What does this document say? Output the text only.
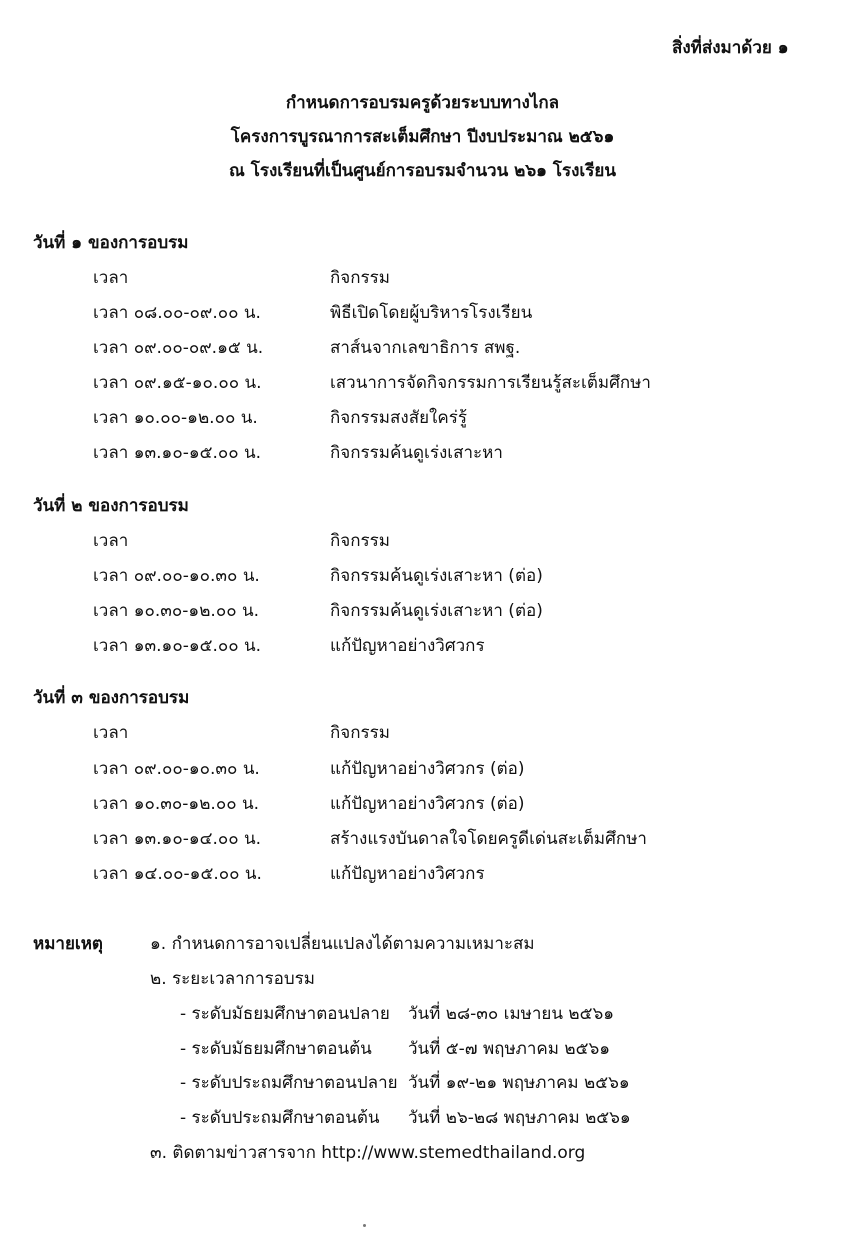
สิ่งที่ส่งมาด้วย ๑
กำหนดการอบรมครูด้วยระบบทางไกล
โครงการบูรณาการสะเต็มศึกษา ปีงบประมาณ ๒๕๖๑
ณ โรงเรียนที่เป็นศูนย์การอบรมจำนวน ๒๖๑ โรงเรียน
วันที่ ๑ ของการอบรม
เวลา	กิจกรรม
เวลา ๐๘.๐๐-๐๙.๐๐ น.	พิธีเปิดโดยผู้บริหารโรงเรียน
เวลา ๐๙.๐๐-๐๙.๑๕ น.	สาส์นจากเลขาธิการ สพฐ.
เวลา ๐๙.๑๕-๑๐.๐๐ น.	เสวนาการจัดกิจกรรมการเรียนรู้สะเต็มศึกษา
เวลา ๑๐.๐๐-๑๒.๐๐ น.	กิจกรรมสงสัยใคร่รู้
เวลา ๑๓.๑๐-๑๕.๐๐ น.	กิจกรรมค้นดูเร่งเสาะหา
วันที่ ๒ ของการอบรม
เวลา	กิจกรรม
เวลา ๐๙.๐๐-๑๐.๓๐ น.	กิจกรรมค้นดูเร่งเสาะหา (ต่อ)
เวลา ๑๐.๓๐-๑๒.๐๐ น.	กิจกรรมค้นดูเร่งเสาะหา (ต่อ)
เวลา ๑๓.๑๐-๑๕.๐๐ น.	แก้ปัญหาอย่างวิศวกร
วันที่ ๓ ของการอบรม
เวลา	กิจกรรม
เวลา ๐๙.๐๐-๑๐.๓๐ น.	แก้ปัญหาอย่างวิศวกร (ต่อ)
เวลา ๑๐.๓๐-๑๒.๐๐ น.	แก้ปัญหาอย่างวิศวกร (ต่อ)
เวลา ๑๓.๑๐-๑๔.๐๐ น.	สร้างแรงบันดาลใจโดยครูดีเด่นสะเต็มศึกษา
เวลา ๑๔.๐๐-๑๕.๐๐ น.	แก้ปัญหาอย่างวิศวกร
หมายเหตุ	๑. กำหนดการอาจเปลี่ยนแปลงได้ตามความเหมาะสม
๒. ระยะเวลาการอบรม
- ระดับมัธยมศึกษาตอนปลาย วันที่ ๒๘-๓๐ เมษายน ๒๕๖๑
- ระดับมัธยมศึกษาตอนต้น วันที่ ๕-๗ พฤษภาคม ๒๕๖๑
- ระดับประถมศึกษาตอนปลาย วันที่ ๑๙-๒๑ พฤษภาคม ๒๕๖๑
- ระดับประถมศึกษาตอนต้น วันที่ ๒๖-๒๘ พฤษภาคม ๒๕๖๑
๓. ติดตามข่าวสารจาก http://www.stemedthailand.org
